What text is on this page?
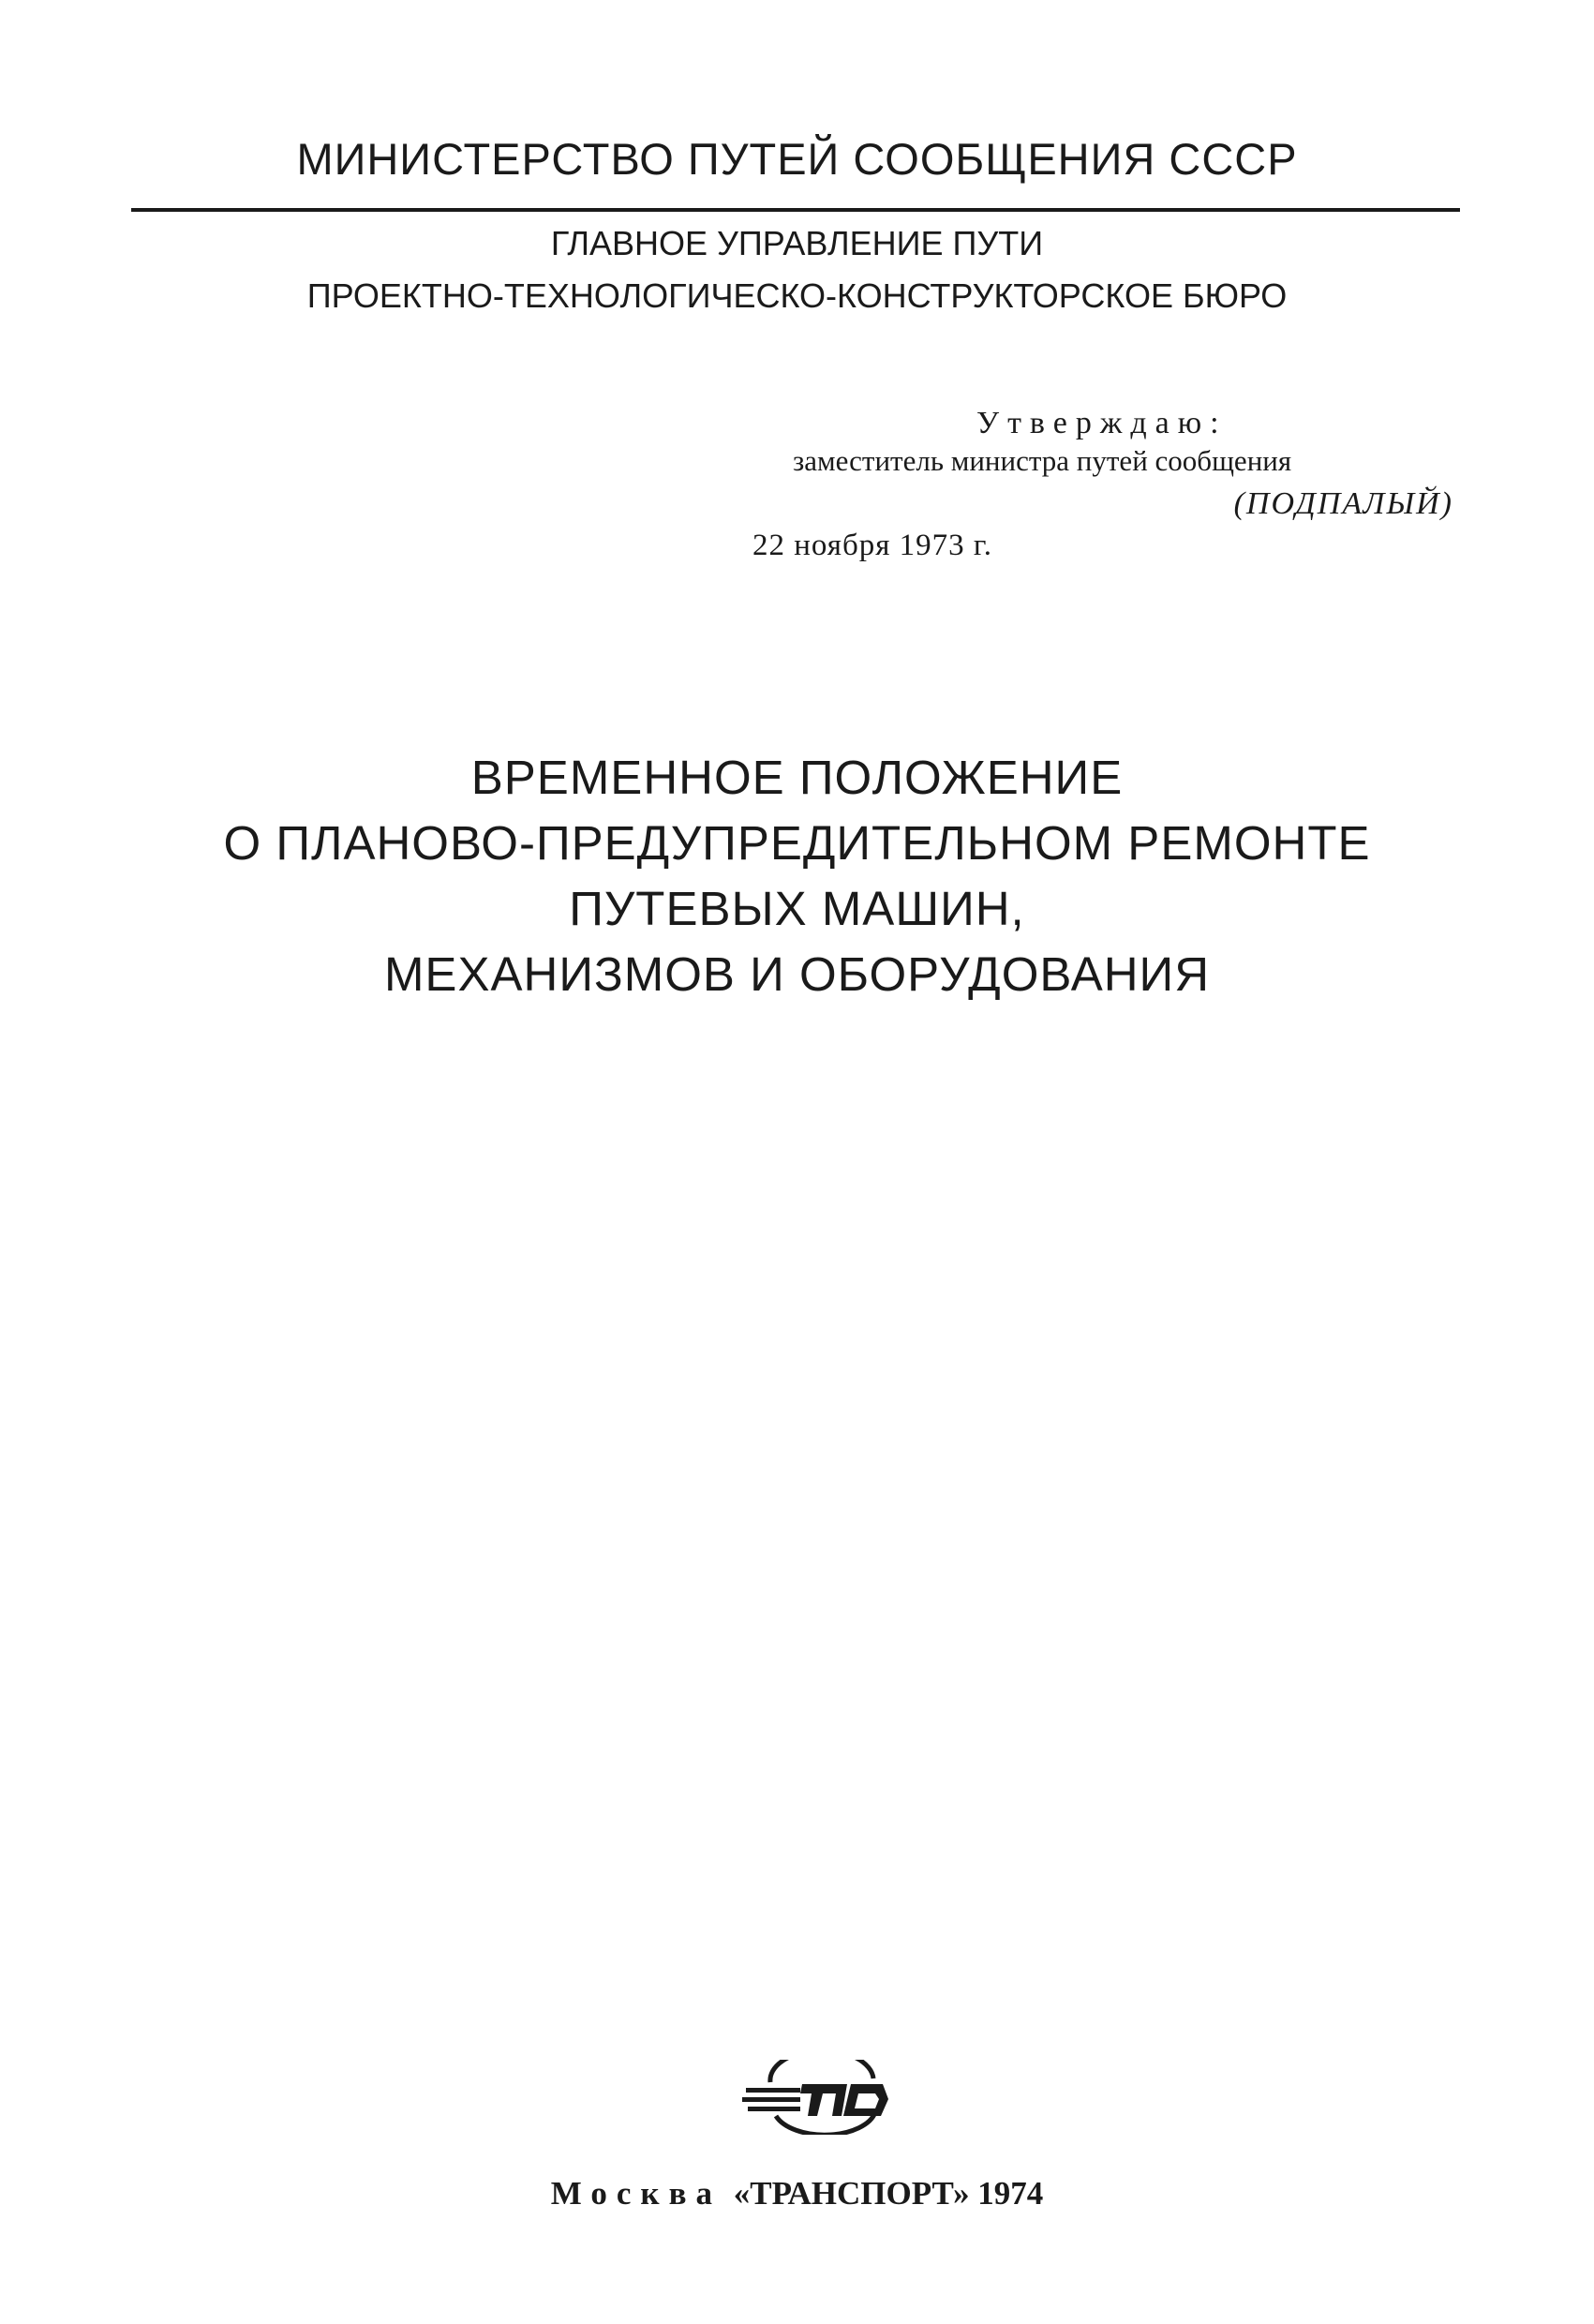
МИНИСТЕРСТВО ПУТЕЙ СООБЩЕНИЯ СССР
ГЛАВНОЕ УПРАВЛЕНИЕ ПУТИ
ПРОЕКТНО-ТЕХНОЛОГИЧЕСКО-КОНСТРУКТОРСКОЕ БЮРО
Утверждаю:
заместитель министра путей сообщения
(ПОДПАЛЫЙ)
22 ноября 1973 г.
ВРЕМЕННОЕ ПОЛОЖЕНИЕ
О ПЛАНОВО-ПРЕДУПРЕДИТЕЛЬНОМ РЕМОНТЕ
ПУТЕВЫХ МАШИН,
МЕХАНИЗМОВ И ОБОРУДОВАНИЯ
Москва «ТРАНСПОРТ» 1974
